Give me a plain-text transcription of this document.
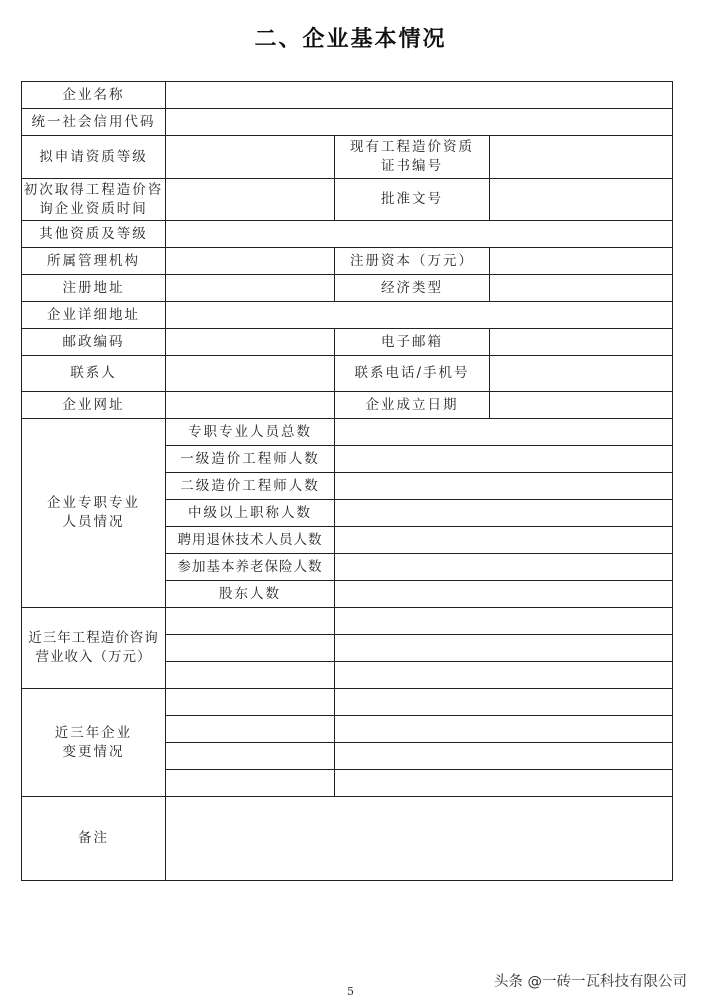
二、企业基本情况
企业名称			
统一社会信用代码			
拟申请资质等级		现有工程造价资质证书编号	
初次取得工程造价咨询企业资质时间		批准文号	
其他资质及等级			
所属管理机构		注册资本（万元）	
注册地址		经济类型	
企业详细地址			
邮政编码		电子邮箱	
联系人		联系电话/手机号	
企业网址		企业成立日期	
企业专职专业人员情况	专职专业人员总数		
	一级造价工程师人数		
	二级造价工程师人数		
	中级以上职称人数		
	聘用退休技术人员人数		
	参加基本养老保险人数		
	股东人数		
近三年工程造价咨询营业收入（万元）			

近三年企业变更情况			

备注			
5
头条 @一砖一瓦科技有限公司
